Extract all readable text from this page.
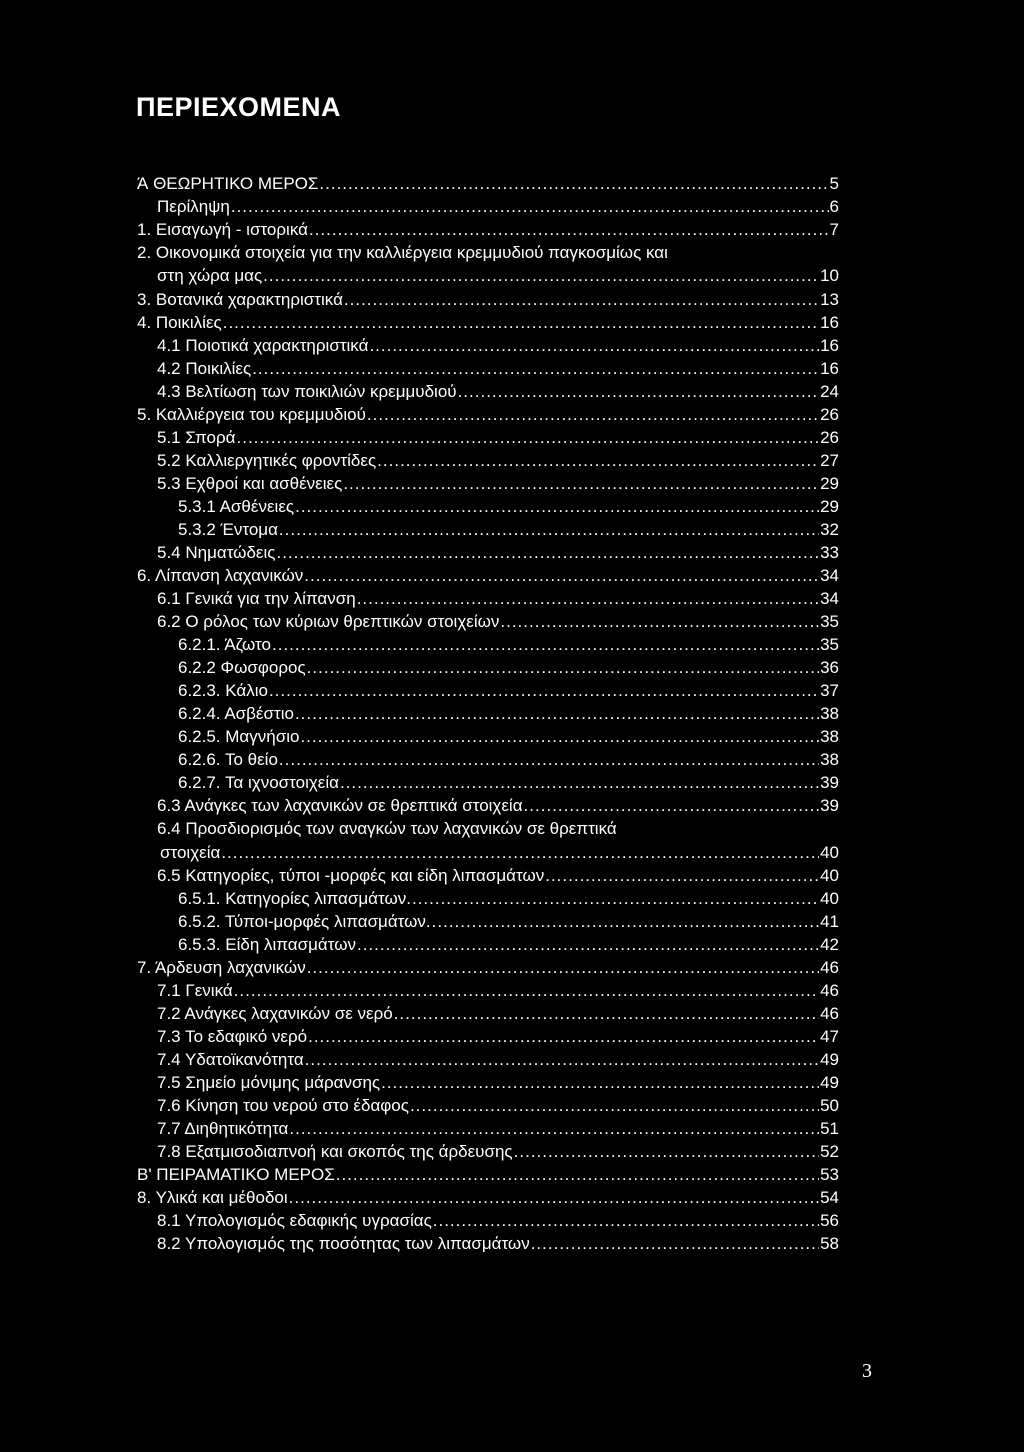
ΠΕΡΙΕΧΟΜΕΝΑ
Ά ΘΕΩΡΗΤΙΚΟ ΜΕΡΟΣ .....	5
Περίληψη .....	6
1. Εισαγωγή - ιστορικά .....	7
2. Οικονομικά στοιχεία για την καλλιέργεια κρεμμυδιού παγκοσμίως και
στη χώρα μας .....	10
3. Βοτανικά χαρακτηριστικά .....	13
4. Ποικιλίες .....	16
4.1 Ποιοτικά χαρακτηριστικά .....	16
4.2 Ποικιλίες .....	16
4.3 Βελτίωση των ποικιλιών κρεμμυδιού .....	24
5. Καλλιέργεια του κρεμμυδιού .....	26
5.1 Σπορά .....	26
5.2 Καλλιεργητικές φροντίδες .....	27
5.3 Εχθροί και ασθένειες .....	29
5.3.1 Ασθένειες .....	29
5.3.2 Έντομα .....	32
5.4 Νηματώδεις .....	33
6. Λίπανση λαχανικών .....	34
6.1 Γενικά για την λίπανση .....	34
6.2 Ο ρόλος των κύριων θρεπτικών στοιχείων .....	35
6.2.1. Άζωτο .....	35
6.2.2 Φωσφορος .....	36
6.2.3. Κάλιο .....	37
6.2.4. Ασβέστιο .....	38
6.2.5. Μαγνήσιο .....	38
6.2.6. Το θείο .....	38
6.2.7. Τα ιχνοστοιχεία .....	39
6.3 Ανάγκες των λαχανικών σε θρεπτικά στοιχεία .....	39
6.4 Προσδιορισμός των αναγκών των λαχανικών σε θρεπτικά
στοιχεία .....	40
6.5 Κατηγορίες, τύποι -μορφές και είδη λιπασμάτων .....	40
6.5.1. Κατηγορίες λιπασμάτων. .....	40
6.5.2. Τύποι-μορφές λιπασμάτων. .....	41
6.5.3. Είδη λιπασμάτων .....	42
7. Άρδευση λαχανικών .....	46
7.1 Γενικά .....	46
7.2 Ανάγκες λαχανικών σε νερό .....	46
7.3 Το εδαφικό νερό .....	47
7.4 Υδατοϊκανότητα .....	49
7.5 Σημείο μόνιμης μάρανσης .....	49
7.6 Κίνηση του νερού στο έδαφος .....	50
7.7 Διηθητικότητα .....	51
7.8 Εξατμισοδιαπνοή και σκοπός της άρδευσης .....	52
Β' ΠΕΙΡΑΜΑΤΙΚΟ ΜΕΡΟΣ .....	53
8. Υλικά και μέθοδοι .....	54
8.1 Υπολογισμός εδαφικής υγρασίας .....	56
8.2 Υπολογισμός της ποσότητας των λιπασμάτων .....	58
3
